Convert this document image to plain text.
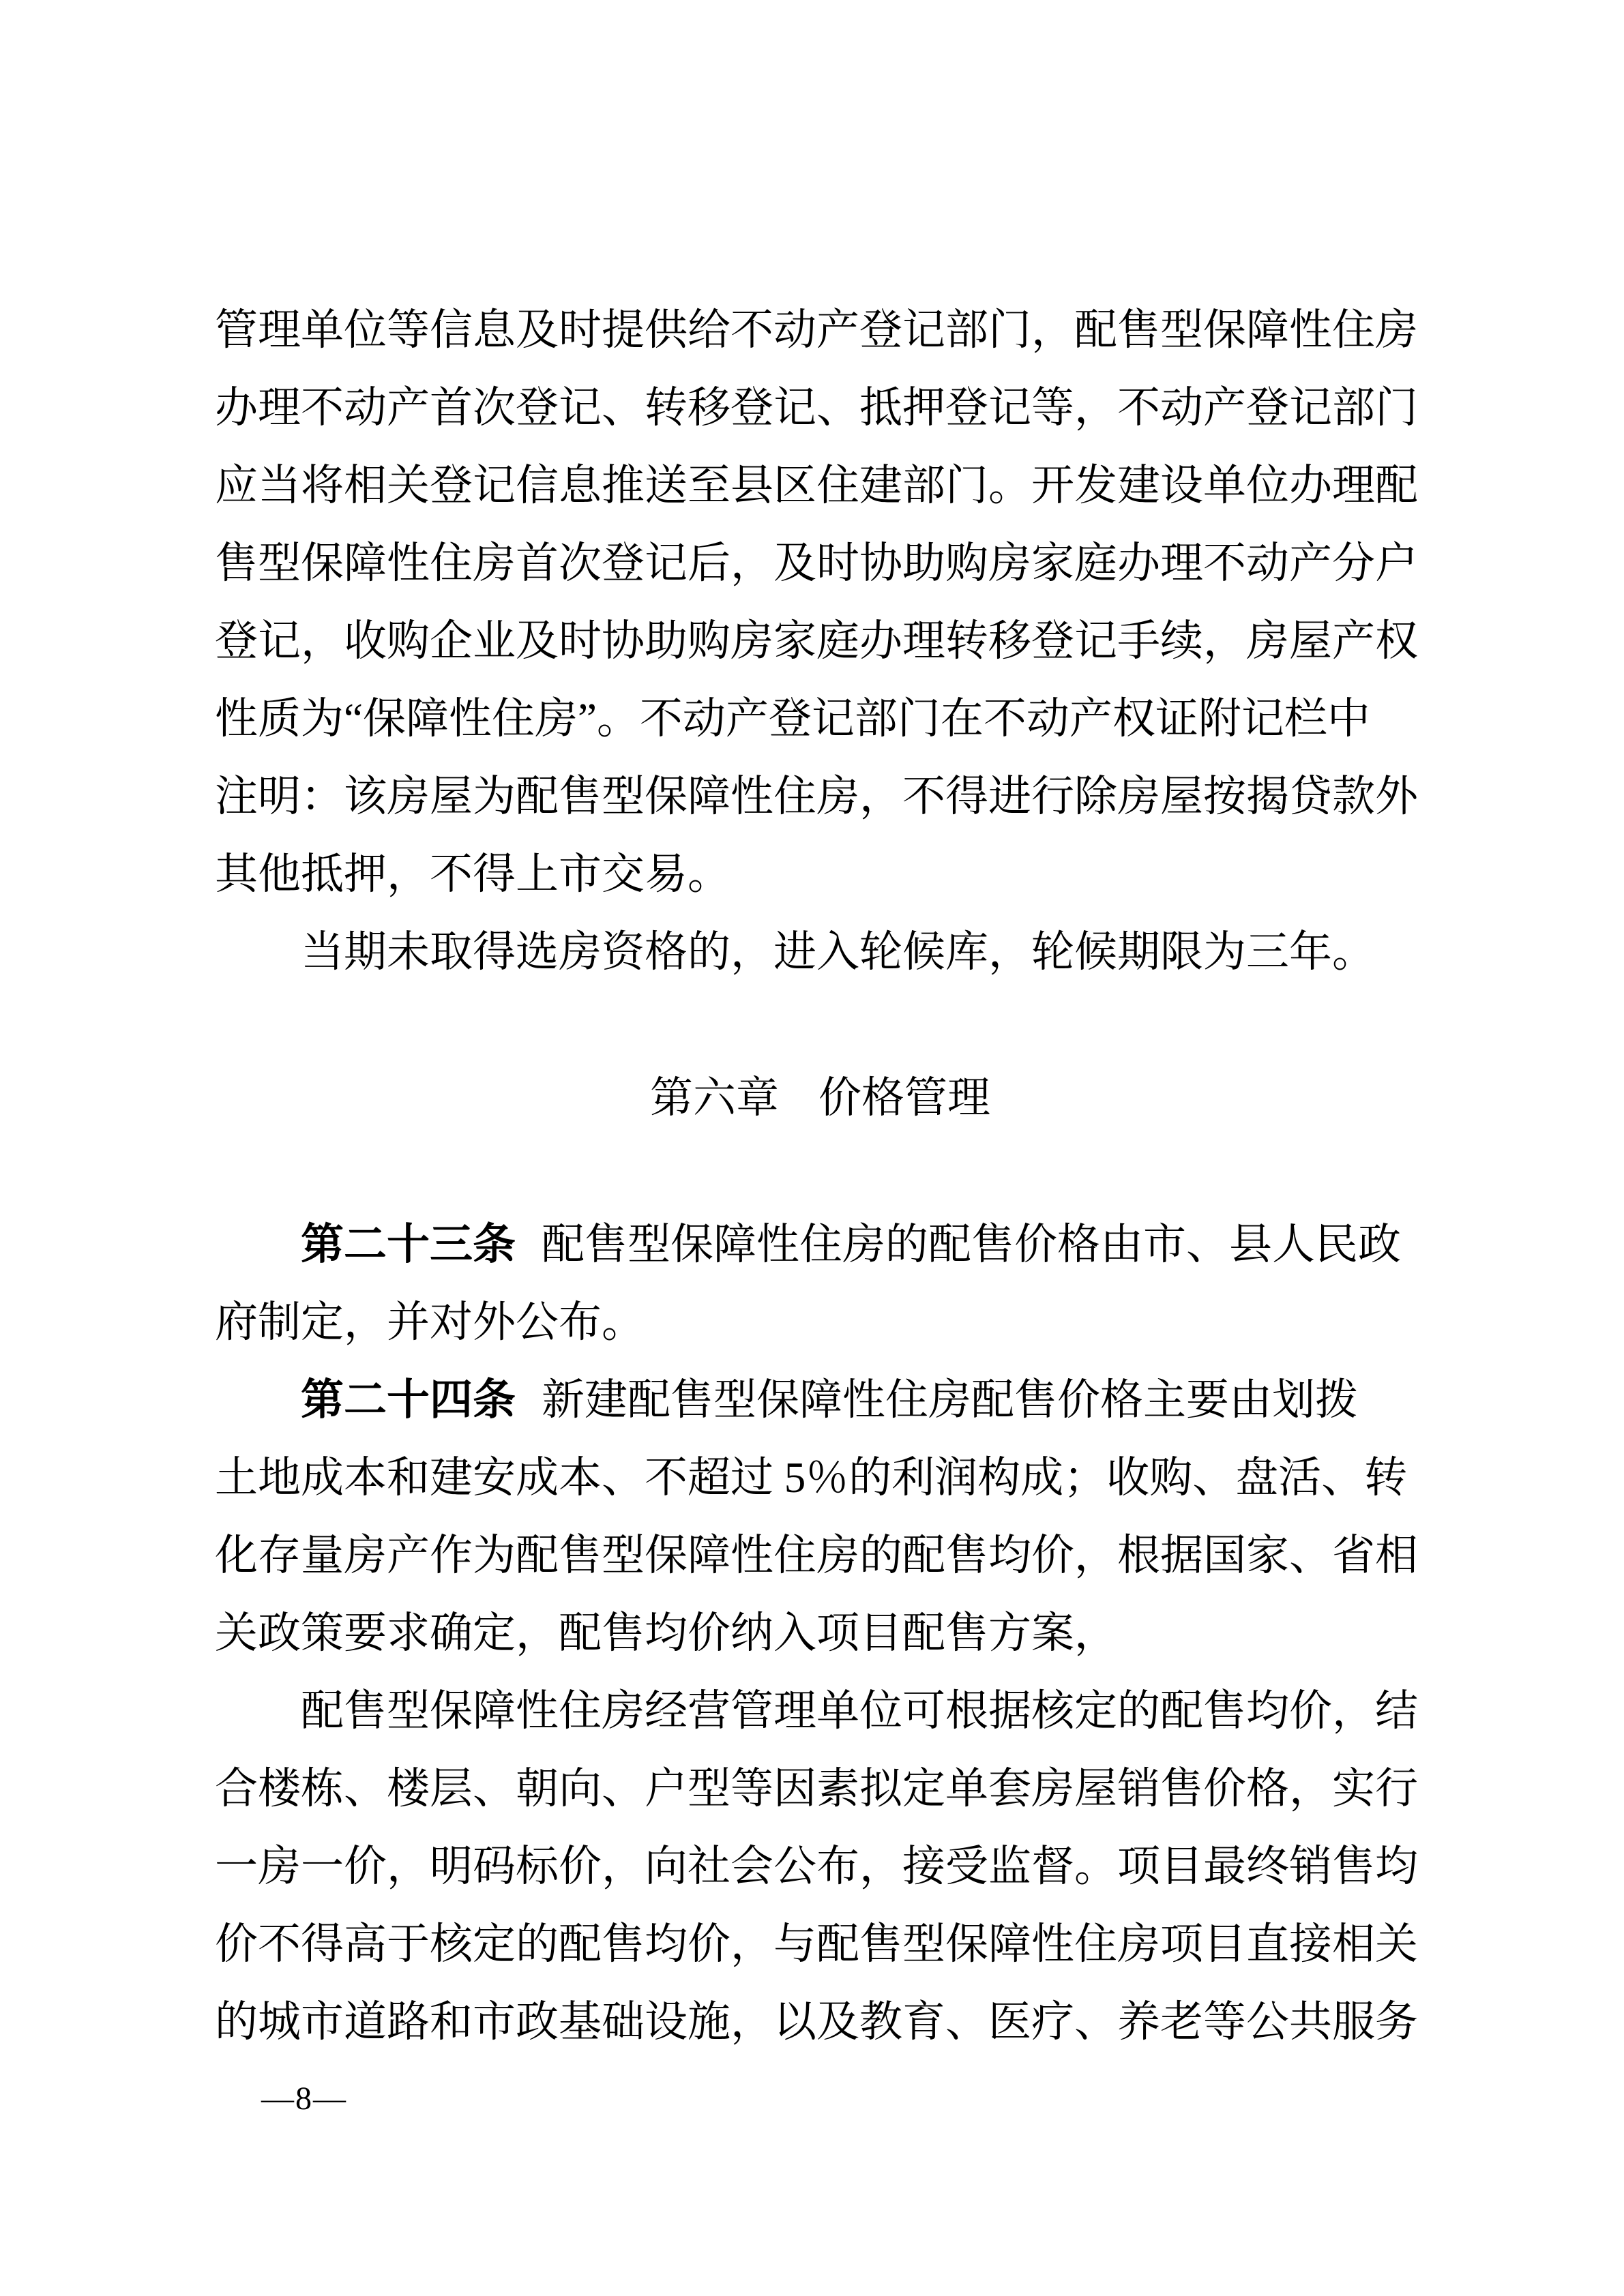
管理单位等信息及时提供给不动产登记部门，配售型保障性住房
办理不动产首次登记、转移登记、抵押登记等，不动产登记部门
应当将相关登记信息推送至县区住建部门。开发建设单位办理配
售型保障性住房首次登记后，及时协助购房家庭办理不动产分户
登记，收购企业及时协助购房家庭办理转移登记手续，房屋产权
性质为“保障性住房”。不动产登记部门在不动产权证附记栏中
注明：该房屋为配售型保障性住房，不得进行除房屋按揭贷款外
其他抵押，不得上市交易。
当期未取得选房资格的，进入轮候库，轮候期限为三年。
第六章 价格管理
第二十三条 配售型保障性住房的配售价格由市、县人民政
府制定，并对外公布。
第二十四条 新建配售型保障性住房配售价格主要由划拨
土地成本和建安成本、不超过 5％的利润构成；收购、盘活、转
化存量房产作为配售型保障性住房的配售均价，根据国家、省相
关政策要求确定，配售均价纳入项目配售方案，
配售型保障性住房经营管理单位可根据核定的配售均价，结
合楼栋、楼层、朝向、户型等因素拟定单套房屋销售价格，实行
一房一价，明码标价，向社会公布，接受监督。项目最终销售均
价不得高于核定的配售均价，与配售型保障性住房项目直接相关
的城市道路和市政基础设施，以及教育、医疗、养老等公共服务
—8—
